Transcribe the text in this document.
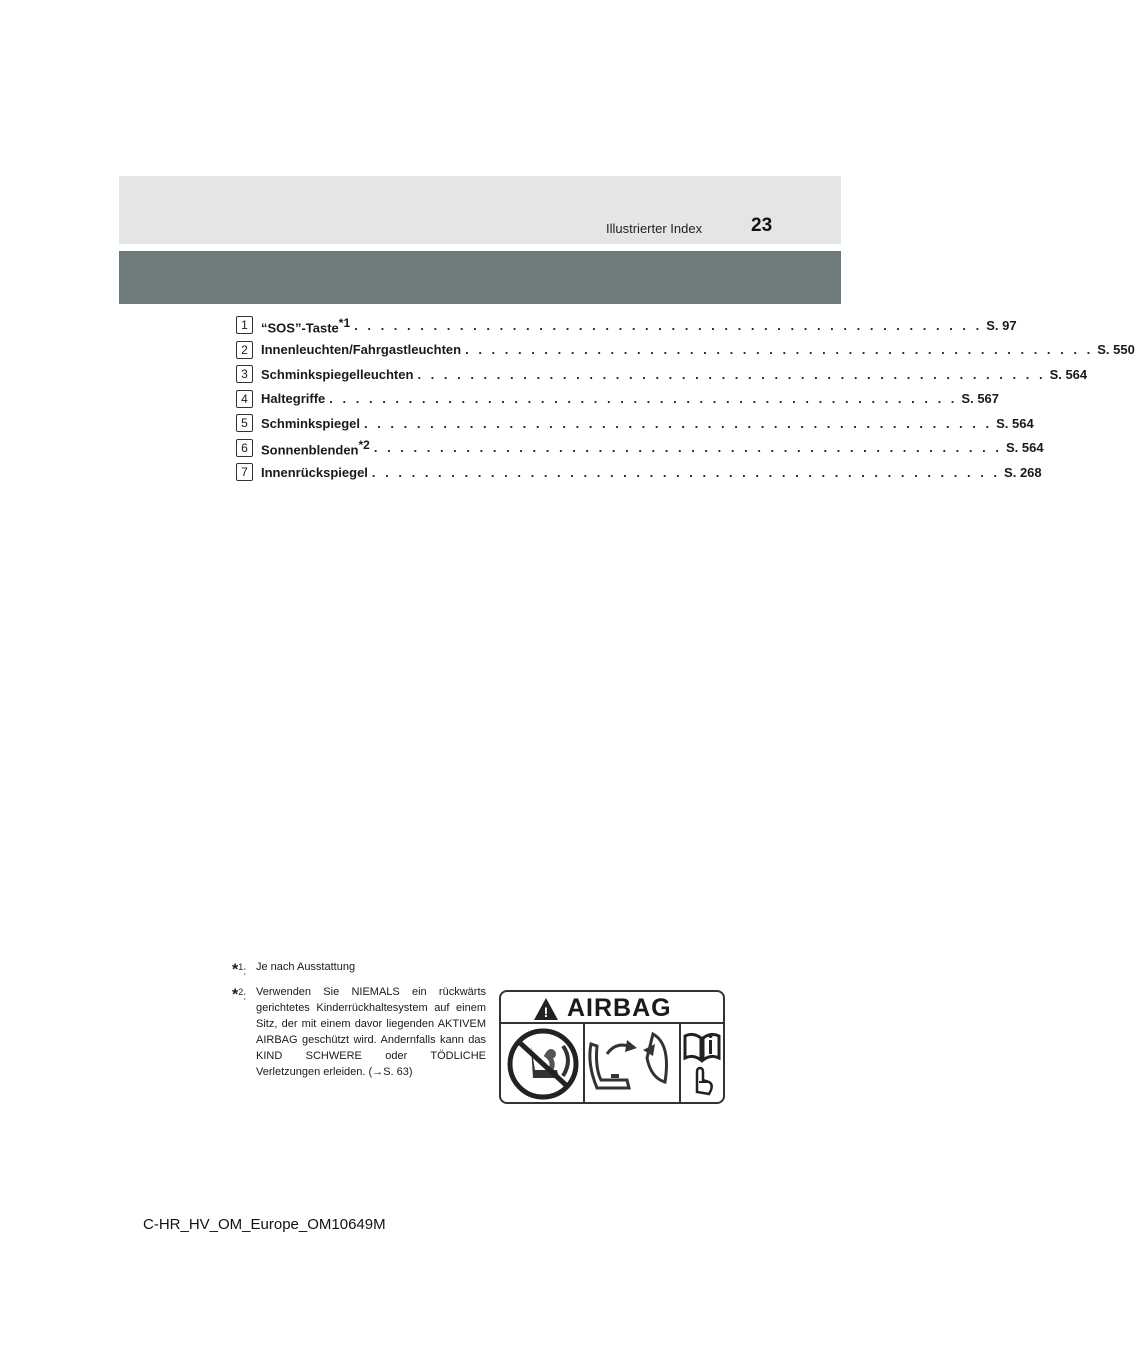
Illustrierter Index	23
1	“SOS”-Taste$^{*1}$ . . . . . . . . . . . . . . . . . . . . . . . . . . . . . . . . . . . . . . . . . . . . . . . . S. 97
2	Innenleuchten/Fahrgastleuchten . . . . . . . . . . . . . . . . . . . . . . . . . . . . . . . . . . . . . . . . . . . . . . . . S. 550
3	Schminkspiegelleuchten . . . . . . . . . . . . . . . . . . . . . . . . . . . . . . . . . . . . . . . . . . . . . . . . S. 564
4	Haltegriffe . . . . . . . . . . . . . . . . . . . . . . . . . . . . . . . . . . . . . . . . . . . . . . . . S. 567
5	Schminkspiegel . . . . . . . . . . . . . . . . . . . . . . . . . . . . . . . . . . . . . . . . . . . . . . . . S. 564
6	Sonnenblenden$^{*2}$ . . . . . . . . . . . . . . . . . . . . . . . . . . . . . . . . . . . . . . . . . . . . . . . . S. 564
7	Innenrückspiegel . . . . . . . . . . . . . . . . . . . . . . . . . . . . . . . . . . . . . . . . . . . . . . . . S. 268
*$^1$: Je nach Ausstattung
*$^2$: Verwenden Sie NIEMALS ein rückwärts gerichtetes Kinderrückhaltesystem auf einem Sitz, der mit einem davor liegenden AKTIVEM AIRBAG geschützt wird. Andernfalls kann das KIND SCHWERE oder TÖDLICHE Verletzungen erleiden. (→S. 63)
! AIRBAG
C-HR_HV_OM_Europe_OM10649M
